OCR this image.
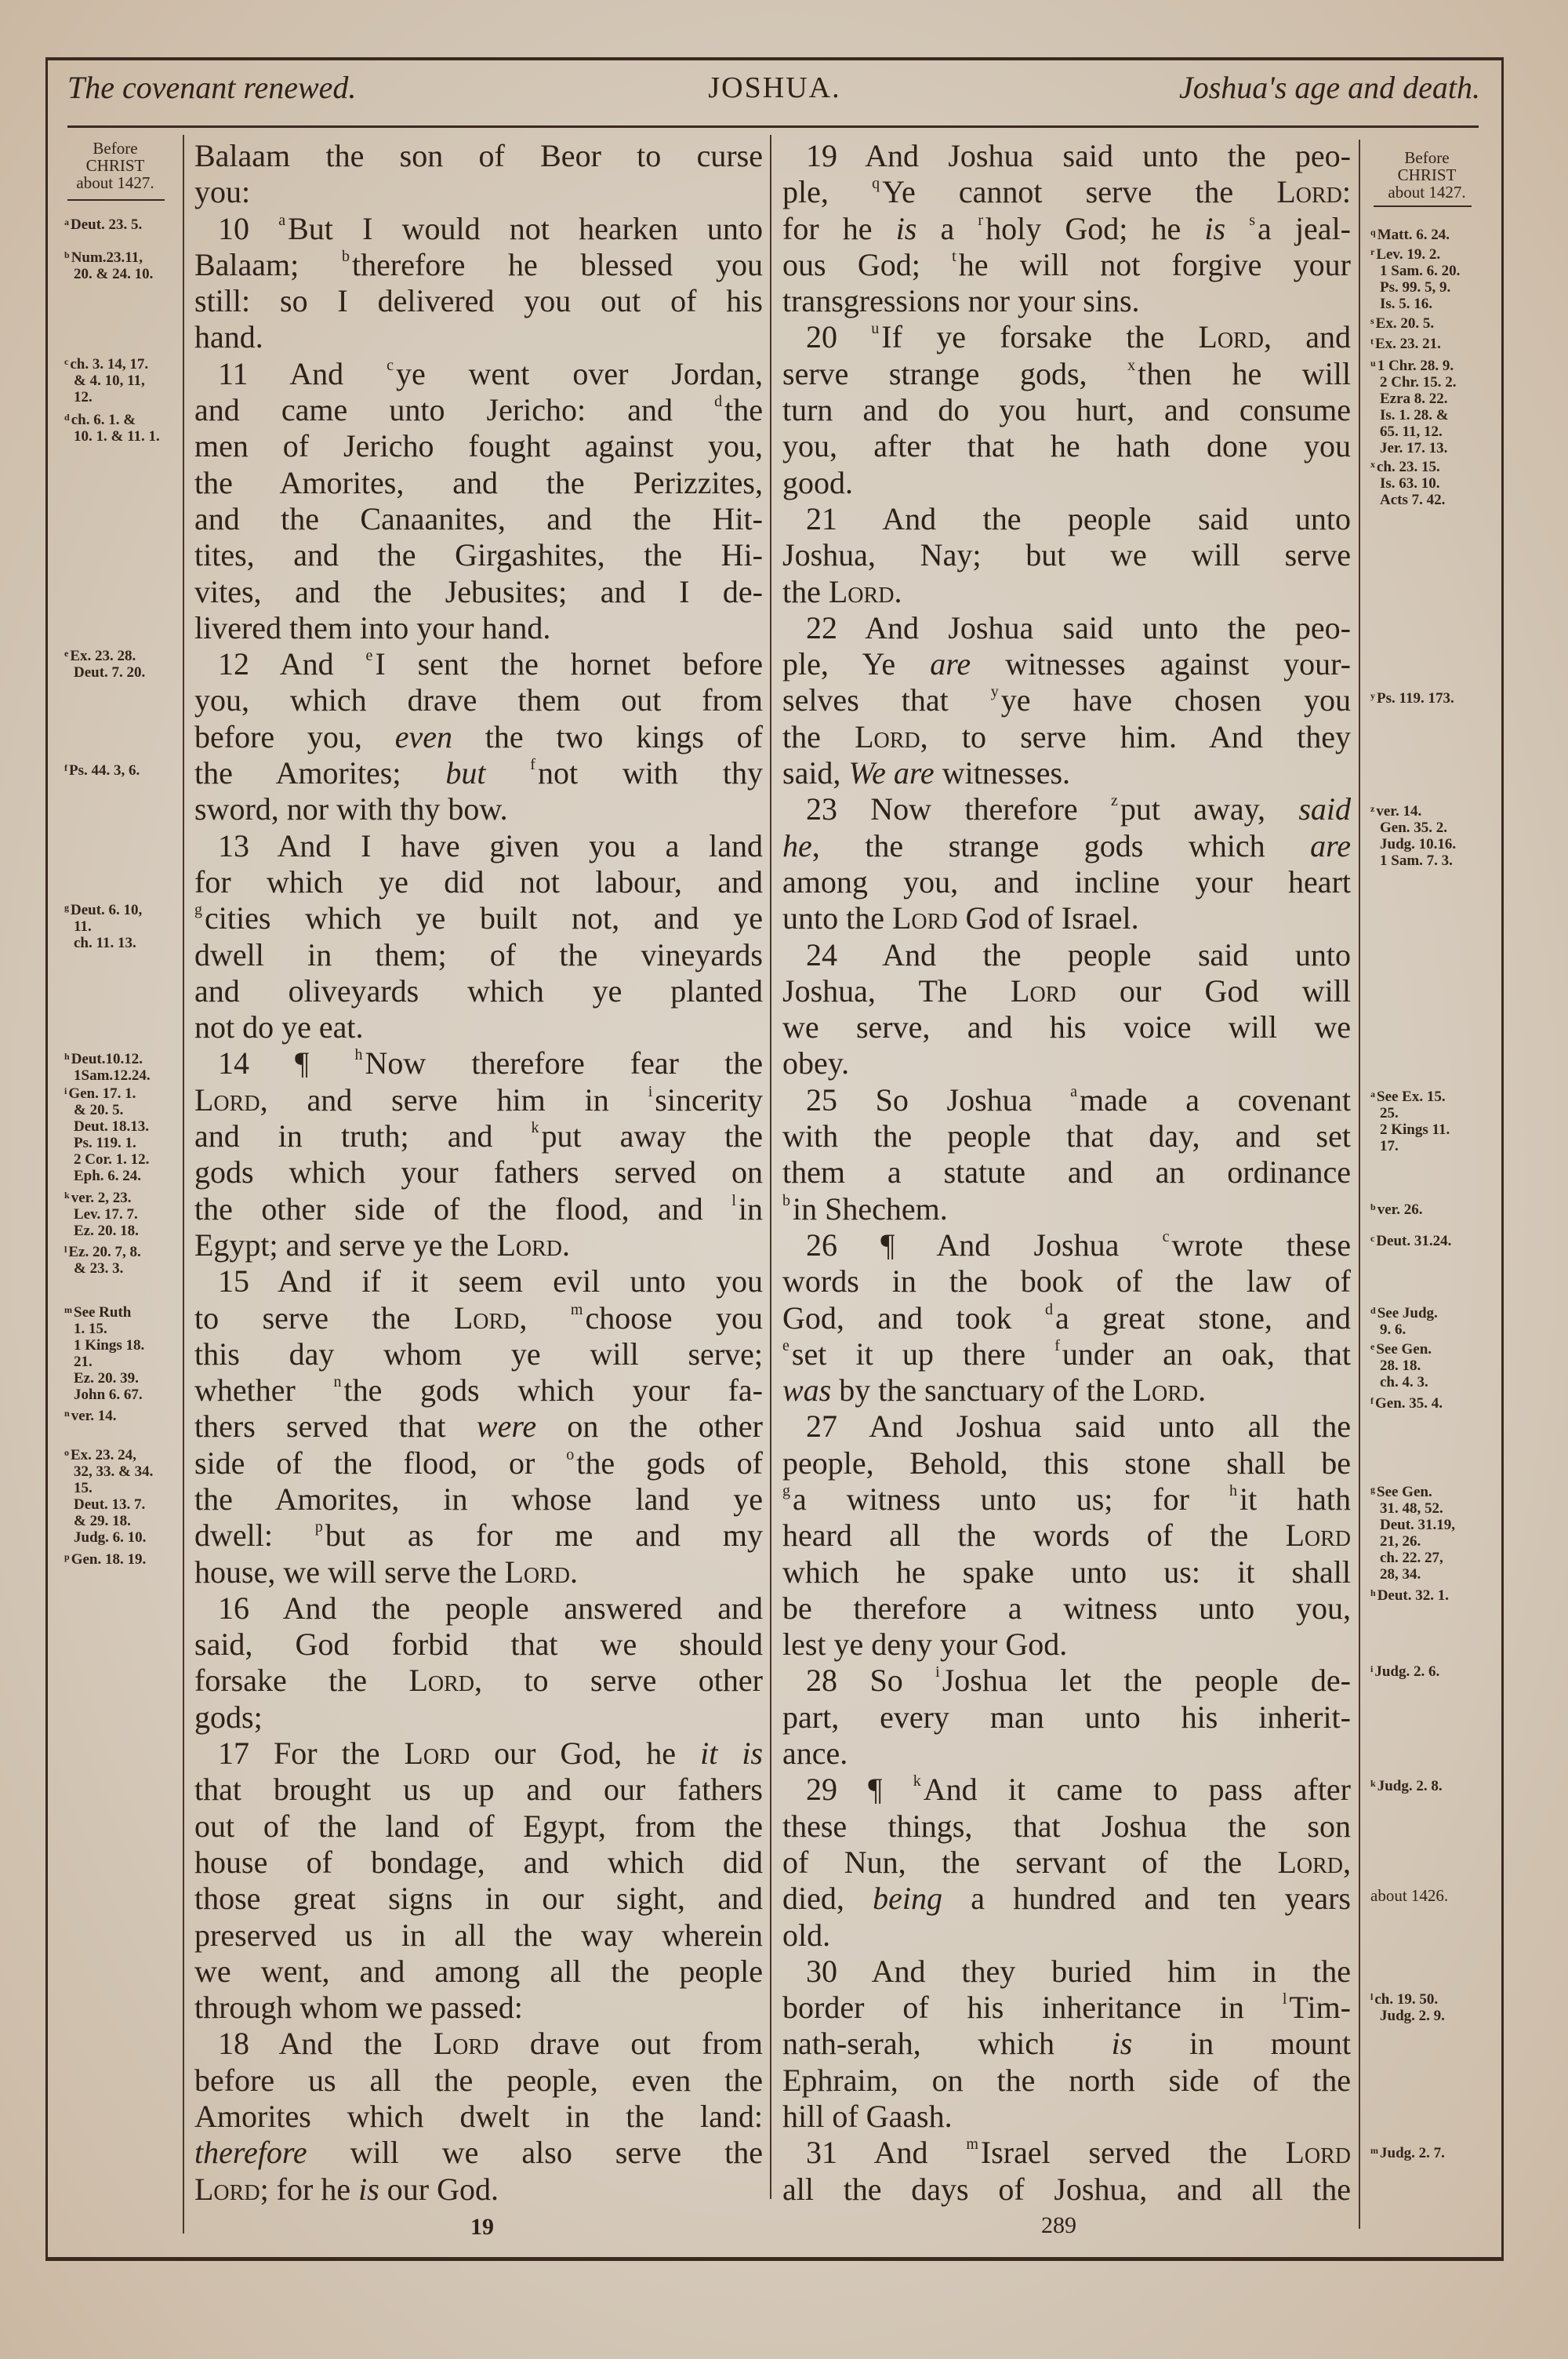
The covenant renewed.	JOSHUA.	Joshua's age and death.
Balaam the son of Beor to curse
you:
10 $^a$But I would not hearken unto
Balaam; $^b$therefore he blessed you
still: so I delivered you out of his
hand.
11 And $^c$ye went over Jordan,
and came unto Jericho: and $^d$the
men of Jericho fought against you,
the Amorites, and the Perizzites,
and the Canaanites, and the Hit-
tites, and the Girgashites, the Hi-
vites, and the Jebusites; and I de-
livered them into your hand.
12 And $^e$I sent the hornet before
you, which drave them out from
before you, even the two kings of
the Amorites; but	$^f$not with thy
sword, nor with thy bow.
13 And I have given you a land
for which ye did not labour, and
$^g$cities which ye built not, and ye
dwell in them; of the vineyards
and oliveyards which ye planted
not do ye eat.
14 ¶ $^h$Now therefore fear the
Lord, and serve him in $^i$sincerity
and in truth; and $^k$put away the
gods which your fathers served on
the other side of the flood, and $^l$in
Egypt; and serve ye the Lord.
15 And if it seem evil unto you
to serve the Lord, $^m$choose you
this day whom ye will serve;
whether $^n$the gods which your fa-
thers served that were on the other
side of the flood, or $^o$the gods of
the Amorites, in whose land ye
dwell: $^p$but as for me and my
house, we will serve the Lord.
16 And the people answered and
said, God forbid that we should
forsake the Lord, to serve other
gods;
17 For the Lord our God, he it is
that brought us up and our fathers
out of the land of Egypt, from the
house of bondage, and which did
those great signs in our sight, and
preserved us in all the way wherein
we went, and among all the people
through whom we passed:
18 And the Lord drave out from
before us all the people, even the
Amorites which dwelt in the land:
therefore will we also serve the
Lord; for he is our God.
19 And Joshua said unto the peo-
ple, $^q$Ye cannot serve the Lord:
for he is a $^r$holy God; he is $^s$a jeal-
ous God; $^t$he will not forgive your
transgressions nor your sins.
20 $^u$If ye forsake the Lord, and
serve strange gods, $^x$then he will
turn and do you hurt, and consume
you, after that he hath done you
good.
21 And the people said unto
Joshua, Nay; but we will serve
the Lord.
22 And Joshua said unto the peo-
ple, Ye are witnesses against your-
selves that $^y$ye have chosen you
the Lord, to serve him. And they
said, We are witnesses.
23 Now therefore $^z$put away, said
he, the strange gods which are
among you, and incline your heart
unto the Lord God of Israel.
24 And the people said unto
Joshua, The Lord our God will
we serve, and his voice will we
obey.
25 So Joshua $^a$made a covenant
with the people that day, and set
them a statute and an ordinance
$^b$in Shechem.
26 ¶ And Joshua $^c$wrote these
words in the book of the law of
God, and took $^d$a great stone, and
$^e$set it up there $^f$under an oak, that
was by the sanctuary of the Lord.
27 And Joshua said unto all the
people, Behold, this stone shall be
$^g$a witness unto us; for $^h$it hath
heard all the words of the Lord
which he spake unto us: it shall
be therefore a witness unto you,
lest ye deny your God.
28 So $^i$Joshua let the people de-
part, every man unto his inherit-
ance.
29 ¶ $^k$And it came to pass after
these things, that Joshua the son
of Nun, the servant of the Lord,
died, being a hundred and ten years
old.
30 And they buried him in the
border of his inheritance in $^l$Tim-
nath-serah, which is in mount
Ephraim, on the north side of the
hill of Gaash.
31 And $^m$Israel served the Lord
all the days of Joshua, and all the
Before
CHRIST
about 1427.
Before
CHRIST
about 1427.
$^a$ Deut. 23. 5.
$^b$ Num.23.11,
20. & 24. 10.
$^c$ ch. 3. 14, 17.
& 4. 10, 11,
12.
$^d$ ch. 6. 1. &
10. 1. & 11. 1.
$^e$ Ex. 23. 28.
Deut. 7. 20.
$^f$ Ps. 44. 3, 6.
$^g$ Deut. 6. 10,
11.
ch. 11. 13.
$^h$ Deut.10.12.
1Sam.12.24.
$^i$ Gen. 17. 1.
& 20. 5.
Deut. 18.13.
Ps. 119. 1.
2 Cor. 1. 12.
Eph. 6. 24.
$^k$ ver. 2, 23.
Lev. 17. 7.
Ez. 20. 18.
$^l$ Ez. 20. 7, 8.
& 23. 3.
$^m$ See Ruth
1. 15.
1 Kings 18.
21.
Ez. 20. 39.
John 6. 67.
$^n$ ver. 14.
$^o$ Ex. 23. 24,
32, 33. & 34.
15.
Deut. 13. 7.
& 29. 18.
Judg. 6. 10.
$^p$ Gen. 18. 19.
$^q$ Matt. 6. 24.
$^r$ Lev. 19. 2.
1 Sam. 6. 20.
Ps. 99. 5, 9.
Is. 5. 16.
$^s$ Ex. 20. 5.
$^t$ Ex. 23. 21.
$^u$ 1 Chr. 28. 9.
2 Chr. 15. 2.
Ezra 8. 22.
Is. 1. 28. &
65. 11, 12.
Jer. 17. 13.
$^x$ ch. 23. 15.
Is. 63. 10.
Acts 7. 42.
$^y$ Ps. 119. 173.
$^z$ ver. 14.
Gen. 35. 2.
Judg. 10.16.
1 Sam. 7. 3.
$^a$ See Ex. 15.
25.
2 Kings 11.
17.
$^b$ ver. 26.
$^c$ Deut. 31.24.
$^d$ See Judg.
9. 6.
$^e$ See Gen.
28. 18.
ch. 4. 3.
$^f$ Gen. 35. 4.
$^g$ See Gen.
31. 48, 52.
Deut. 31.19,
21, 26.
ch. 22. 27,
28, 34.
$^h$ Deut. 32. 1.
$^i$ Judg. 2. 6.
$^k$ Judg. 2. 8.
about 1426.
$^l$ ch. 19. 50.
Judg. 2. 9.
$^m$ Judg. 2. 7.
19	289
